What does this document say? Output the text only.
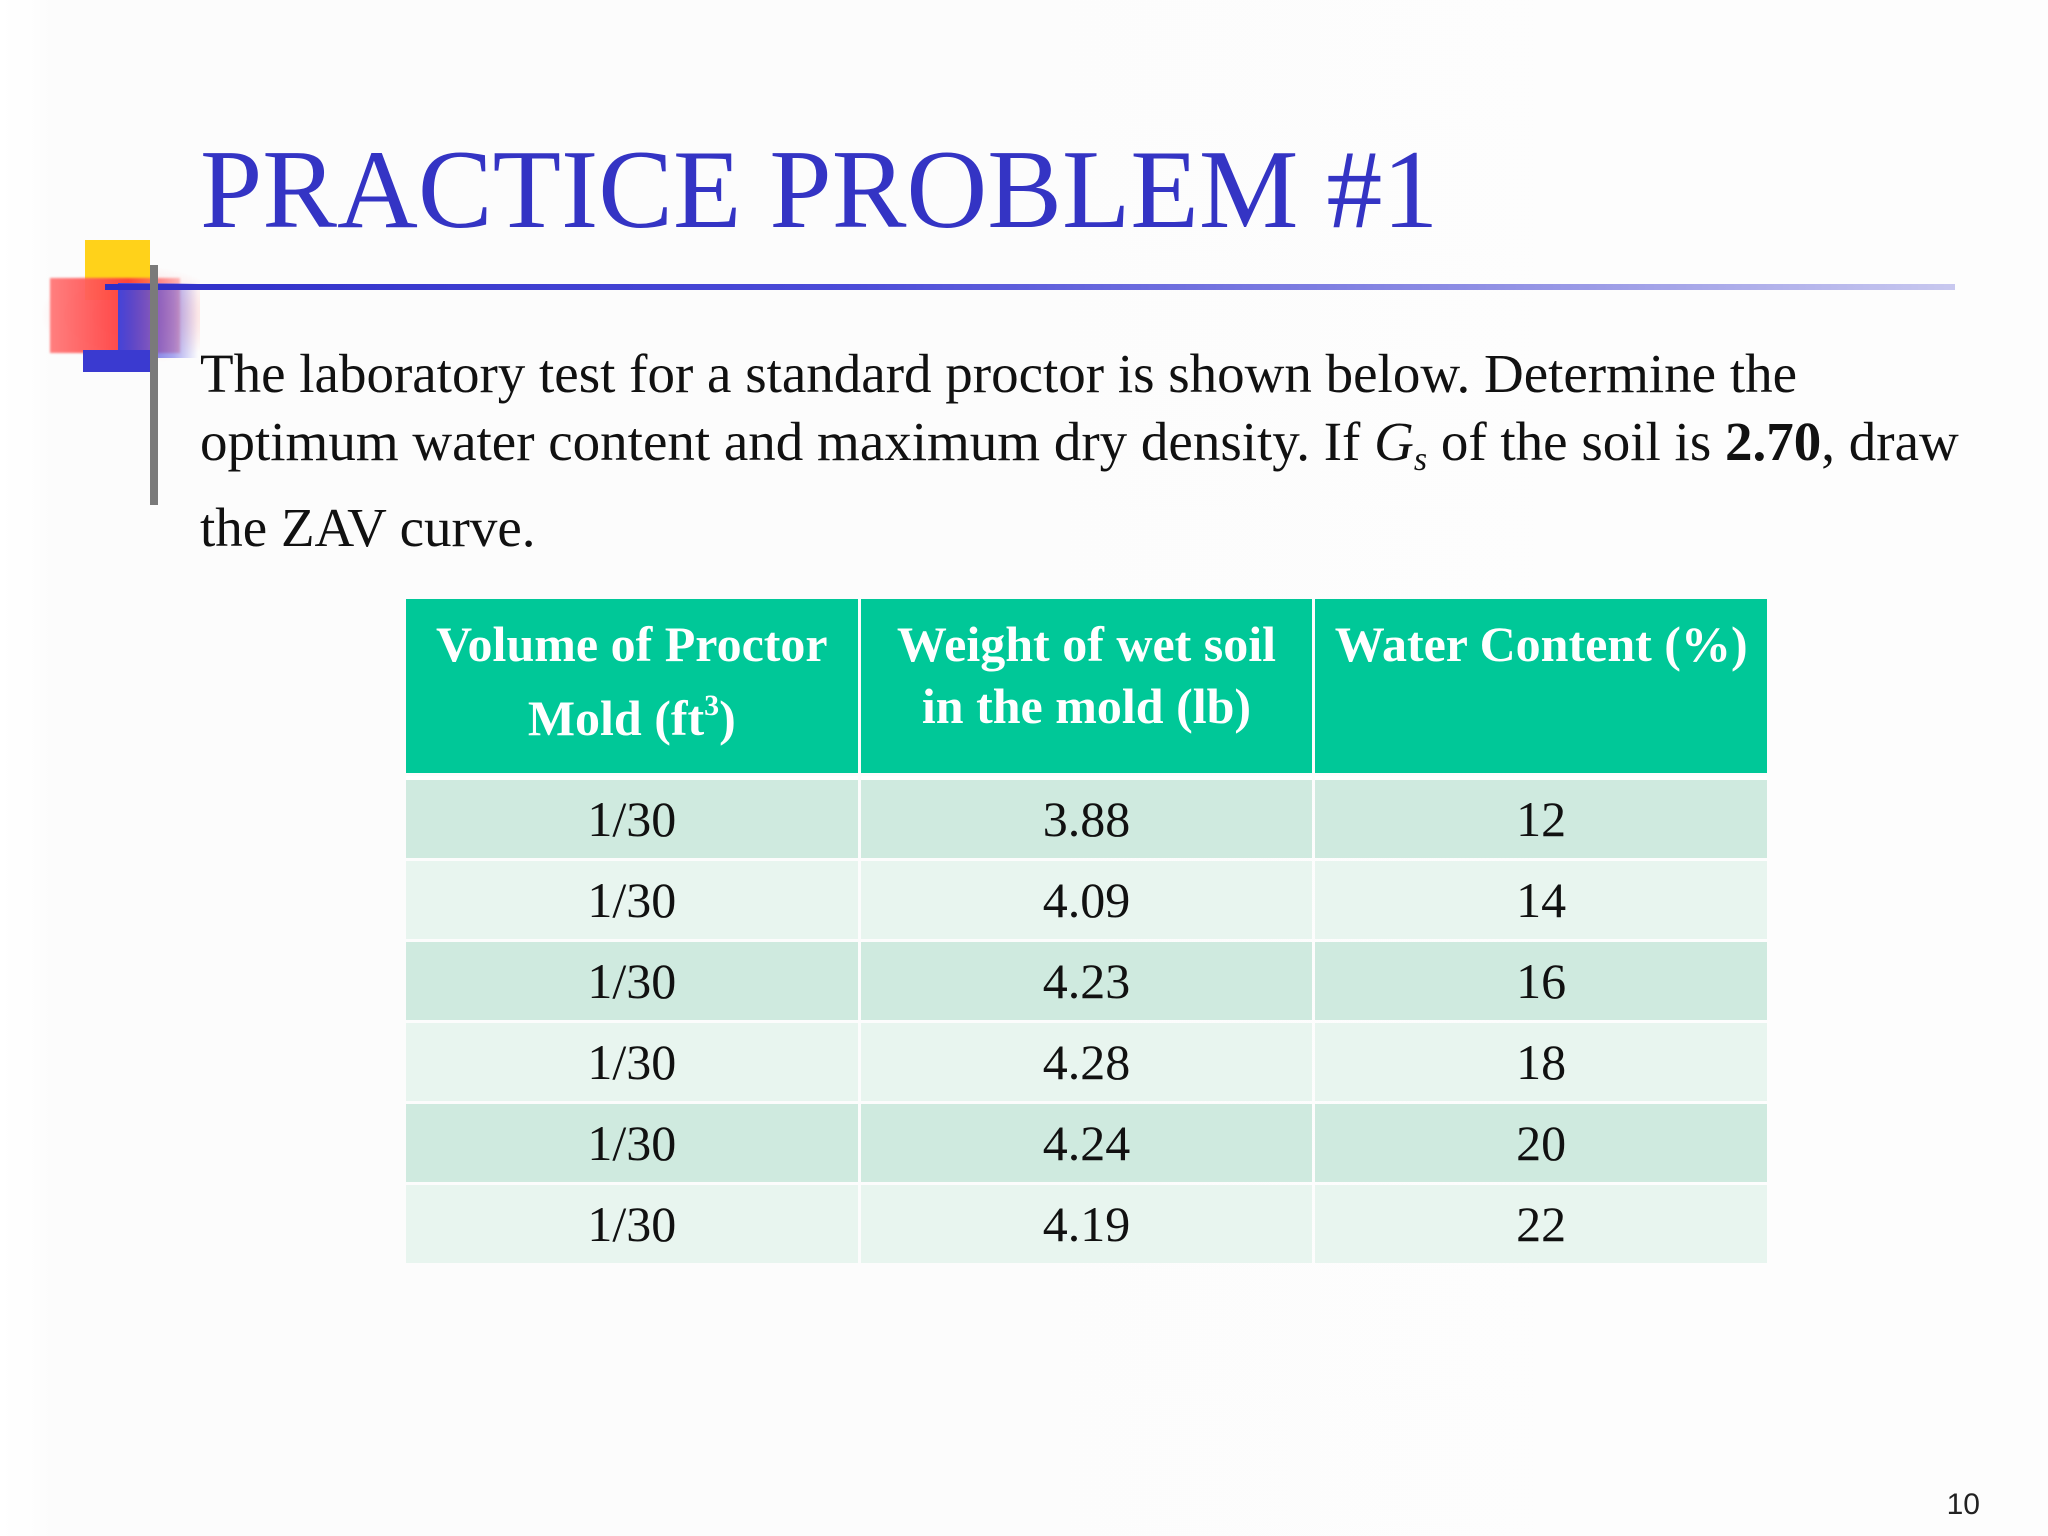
PRACTICE PROBLEM #1

The laboratory test for a standard proctor is shown below. Determine the optimum water content and maximum dry density. If $G_s$ of the soil is 2.70, draw the ZAV curve.

Volume of Proctor Mold $(ft^3)$	Weight of wet soil in the mold (lb)	Water Content (%)
1/30	3.88	12
1/30	4.09	14
1/30	4.23	16
1/30	4.28	18
1/30	4.24	20
1/30	4.19	22
10
